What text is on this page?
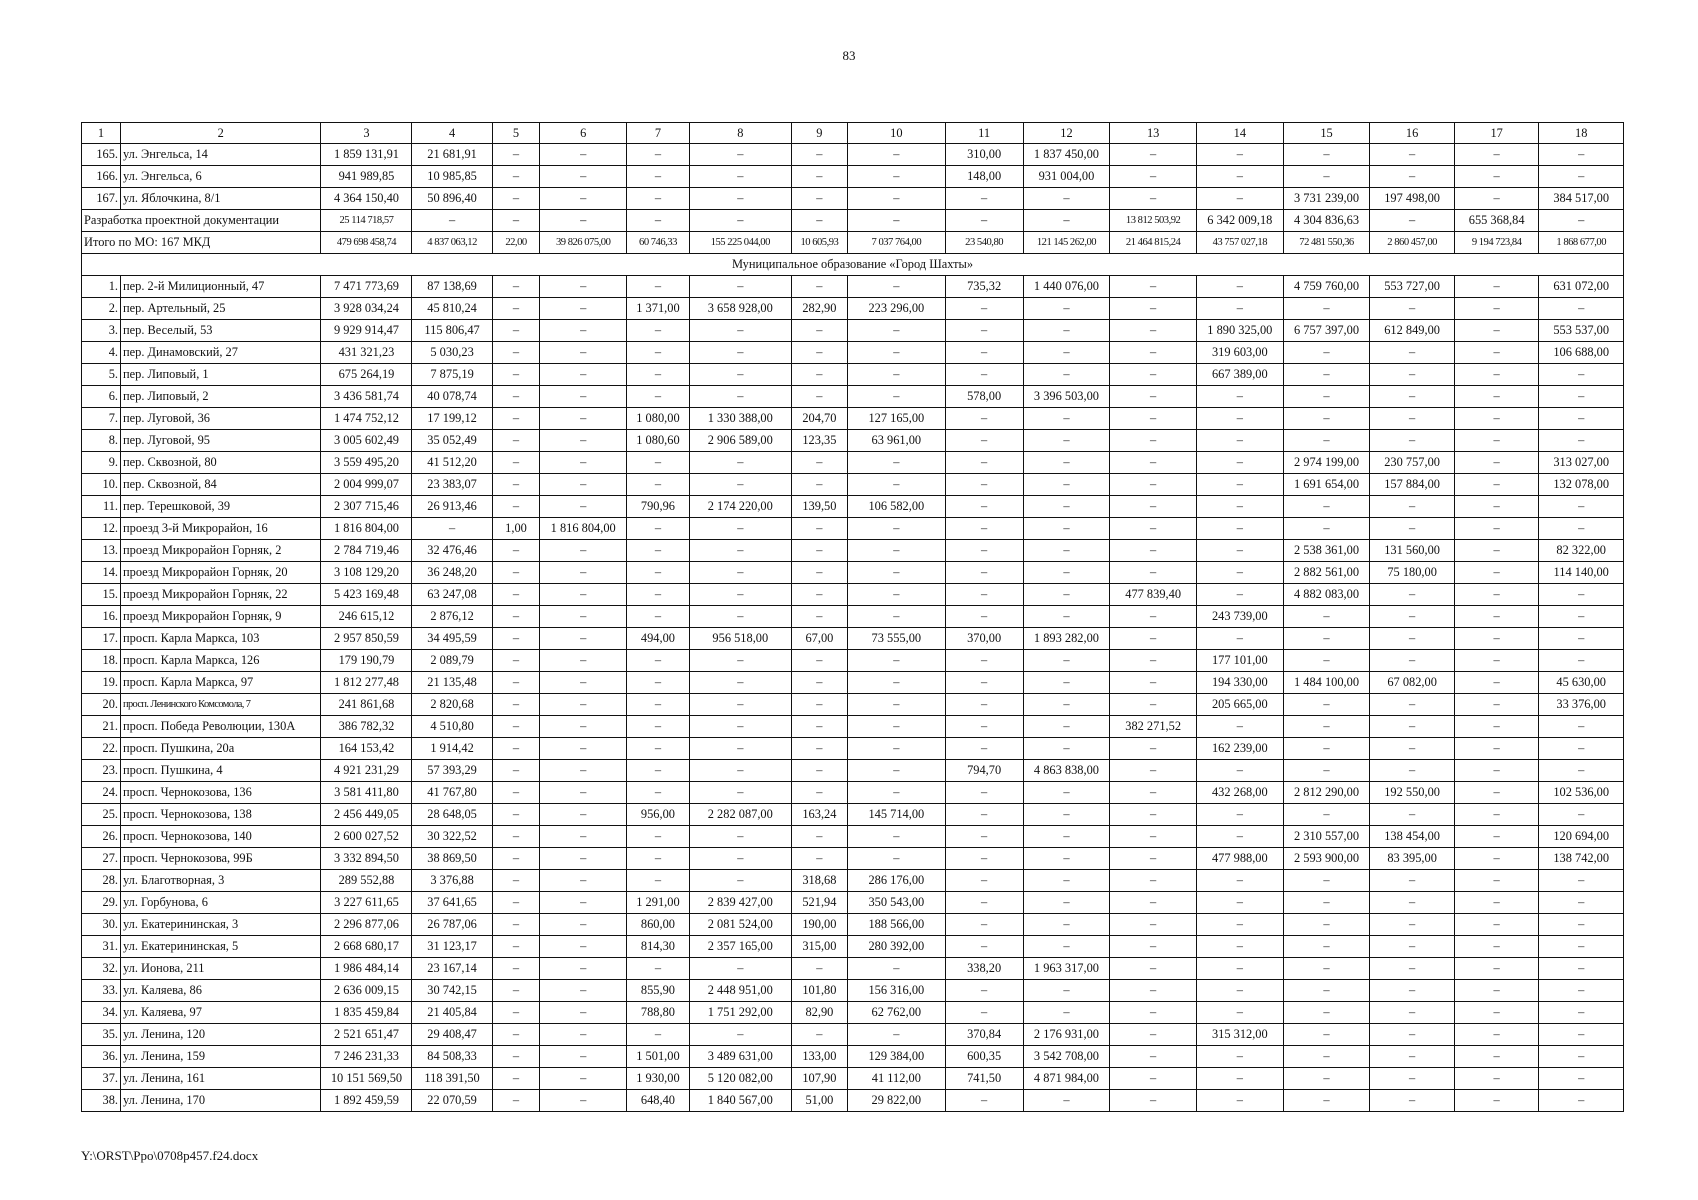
83
1	2	3	4	5	6	7	8	9	10	11	12	13	14	15	16	17	18
165.	ул. Энгельса, 14	1 859 131,91	21 681,91	–	–	–	–	–	–	310,00	1 837 450,00	–	–	–	–	–	–
166.	ул. Энгельса, 6	941 989,85	10 985,85	–	–	–	–	–	–	148,00	931 004,00	–	–	–	–	–	–
167.	ул. Яблочкина, 8/1	4 364 150,40	50 896,40	–	–	–	–	–	–	–	–	–	–	3 731 239,00	197 498,00	–	384 517,00
Разработка проектной документации		25 114 718,57	–	–	–	–	–	–	–	–	–	13 812 503,92	6 342 009,18	4 304 836,63	–	655 368,84	–
Итого по МО: 167 МКД		479 698 458,74	4 837 063,12	22,00	39 826 075,00	60 746,33	155 225 044,00	10 605,93	7 037 764,00	23 540,80	121 145 262,00	21 464 815,24	43 757 027,18	72 481 550,36	2 860 457,00	9 194 723,84	1 868 677,00
Муниципальное образование «Город Шахты»																	
1.	пер. 2-й Милиционный, 47	7 471 773,69	87 138,69	–	–	–	–	–	–	735,32	1 440 076,00	–	–	4 759 760,00	553 727,00	–	631 072,00
2.	пер. Артельный, 25	3 928 034,24	45 810,24	–	–	1 371,00	3 658 928,00	282,90	223 296,00	–	–	–	–	–	–	–	–
3.	пер. Веселый, 53	9 929 914,47	115 806,47	–	–	–	–	–	–	–	–	–	1 890 325,00	6 757 397,00	612 849,00	–	553 537,00
4.	пер. Динамовский, 27	431 321,23	5 030,23	–	–	–	–	–	–	–	–	–	319 603,00	–	–	–	106 688,00
5.	пер. Липовый, 1	675 264,19	7 875,19	–	–	–	–	–	–	–	–	–	667 389,00	–	–	–	–
6.	пер. Липовый, 2	3 436 581,74	40 078,74	–	–	–	–	–	–	578,00	3 396 503,00	–	–	–	–	–	–
7.	пер. Луговой, 36	1 474 752,12	17 199,12	–	–	1 080,00	1 330 388,00	204,70	127 165,00	–	–	–	–	–	–	–	–
8.	пер. Луговой, 95	3 005 602,49	35 052,49	–	–	1 080,60	2 906 589,00	123,35	63 961,00	–	–	–	–	–	–	–	–
9.	пер. Сквозной, 80	3 559 495,20	41 512,20	–	–	–	–	–	–	–	–	–	–	2 974 199,00	230 757,00	–	313 027,00
10.	пер. Сквозной, 84	2 004 999,07	23 383,07	–	–	–	–	–	–	–	–	–	–	1 691 654,00	157 884,00	–	132 078,00
11.	пер. Терешковой, 39	2 307 715,46	26 913,46	–	–	790,96	2 174 220,00	139,50	106 582,00	–	–	–	–	–	–	–	–
12.	проезд 3-й Микрорайон, 16	1 816 804,00	–	1,00	1 816 804,00	–	–	–	–	–	–	–	–	–	–	–	–
13.	проезд Микрорайон Горняк, 2	2 784 719,46	32 476,46	–	–	–	–	–	–	–	–	–	–	2 538 361,00	131 560,00	–	82 322,00
14.	проезд Микрорайон Горняк, 20	3 108 129,20	36 248,20	–	–	–	–	–	–	–	–	–	–	2 882 561,00	75 180,00	–	114 140,00
15.	проезд Микрорайон Горняк, 22	5 423 169,48	63 247,08	–	–	–	–	–	–	–	–	477 839,40	–	4 882 083,00	–	–	–
16.	проезд Микрорайон Горняк, 9	246 615,12	2 876,12	–	–	–	–	–	–	–	–	–	243 739,00	–	–	–	–
17.	просп. Карла Маркса, 103	2 957 850,59	34 495,59	–	–	494,00	956 518,00	67,00	73 555,00	370,00	1 893 282,00	–	–	–	–	–	–
18.	просп. Карла Маркса, 126	179 190,79	2 089,79	–	–	–	–	–	–	–	–	–	177 101,00	–	–	–	–
19.	просп. Карла Маркса, 97	1 812 277,48	21 135,48	–	–	–	–	–	–	–	–	–	194 330,00	1 484 100,00	67 082,00	–	45 630,00
20.	просп. Ленинского Комсомола, 7	241 861,68	2 820,68	–	–	–	–	–	–	–	–	–	205 665,00	–	–	–	33 376,00
21.	просп. Победа Революции, 130А	386 782,32	4 510,80	–	–	–	–	–	–	–	–	382 271,52	–	–	–	–	–
22.	просп. Пушкина, 20а	164 153,42	1 914,42	–	–	–	–	–	–	–	–	–	162 239,00	–	–	–	–
23.	просп. Пушкина, 4	4 921 231,29	57 393,29	–	–	–	–	–	–	794,70	4 863 838,00	–	–	–	–	–	–
24.	просп. Чернокозова, 136	3 581 411,80	41 767,80	–	–	–	–	–	–	–	–	–	432 268,00	2 812 290,00	192 550,00	–	102 536,00
25.	просп. Чернокозова, 138	2 456 449,05	28 648,05	–	–	956,00	2 282 087,00	163,24	145 714,00	–	–	–	–	–	–	–	–
26.	просп. Чернокозова, 140	2 600 027,52	30 322,52	–	–	–	–	–	–	–	–	–	–	2 310 557,00	138 454,00	–	120 694,00
27.	просп. Чернокозова, 99Б	3 332 894,50	38 869,50	–	–	–	–	–	–	–	–	–	477 988,00	2 593 900,00	83 395,00	–	138 742,00
28.	ул. Благотворная, 3	289 552,88	3 376,88	–	–	–	–	318,68	286 176,00	–	–	–	–	–	–	–	–
29.	ул. Горбунова, 6	3 227 611,65	37 641,65	–	–	1 291,00	2 839 427,00	521,94	350 543,00	–	–	–	–	–	–	–	–
30.	ул. Екатерининская, 3	2 296 877,06	26 787,06	–	–	860,00	2 081 524,00	190,00	188 566,00	–	–	–	–	–	–	–	–
31.	ул. Екатерининская, 5	2 668 680,17	31 123,17	–	–	814,30	2 357 165,00	315,00	280 392,00	–	–	–	–	–	–	–	–
32.	ул. Ионова, 211	1 986 484,14	23 167,14	–	–	–	–	–	–	338,20	1 963 317,00	–	–	–	–	–	–
33.	ул. Каляева, 86	2 636 009,15	30 742,15	–	–	855,90	2 448 951,00	101,80	156 316,00	–	–	–	–	–	–	–	–
34.	ул. Каляева, 97	1 835 459,84	21 405,84	–	–	788,80	1 751 292,00	82,90	62 762,00	–	–	–	–	–	–	–	–
35.	ул. Ленина, 120	2 521 651,47	29 408,47	–	–	–	–	–	–	370,84	2 176 931,00	–	315 312,00	–	–	–	–
36.	ул. Ленина, 159	7 246 231,33	84 508,33	–	–	1 501,00	3 489 631,00	133,00	129 384,00	600,35	3 542 708,00	–	–	–	–	–	–
37.	ул. Ленина, 161	10 151 569,50	118 391,50	–	–	1 930,00	5 120 082,00	107,90	41 112,00	741,50	4 871 984,00	–	–	–	–	–	–
38.	ул. Ленина, 170	1 892 459,59	22 070,59	–	–	648,40	1 840 567,00	51,00	29 822,00	–	–	–	–	–	–	–	–
Y:\ORST\Ppo\0708p457.f24.docx
